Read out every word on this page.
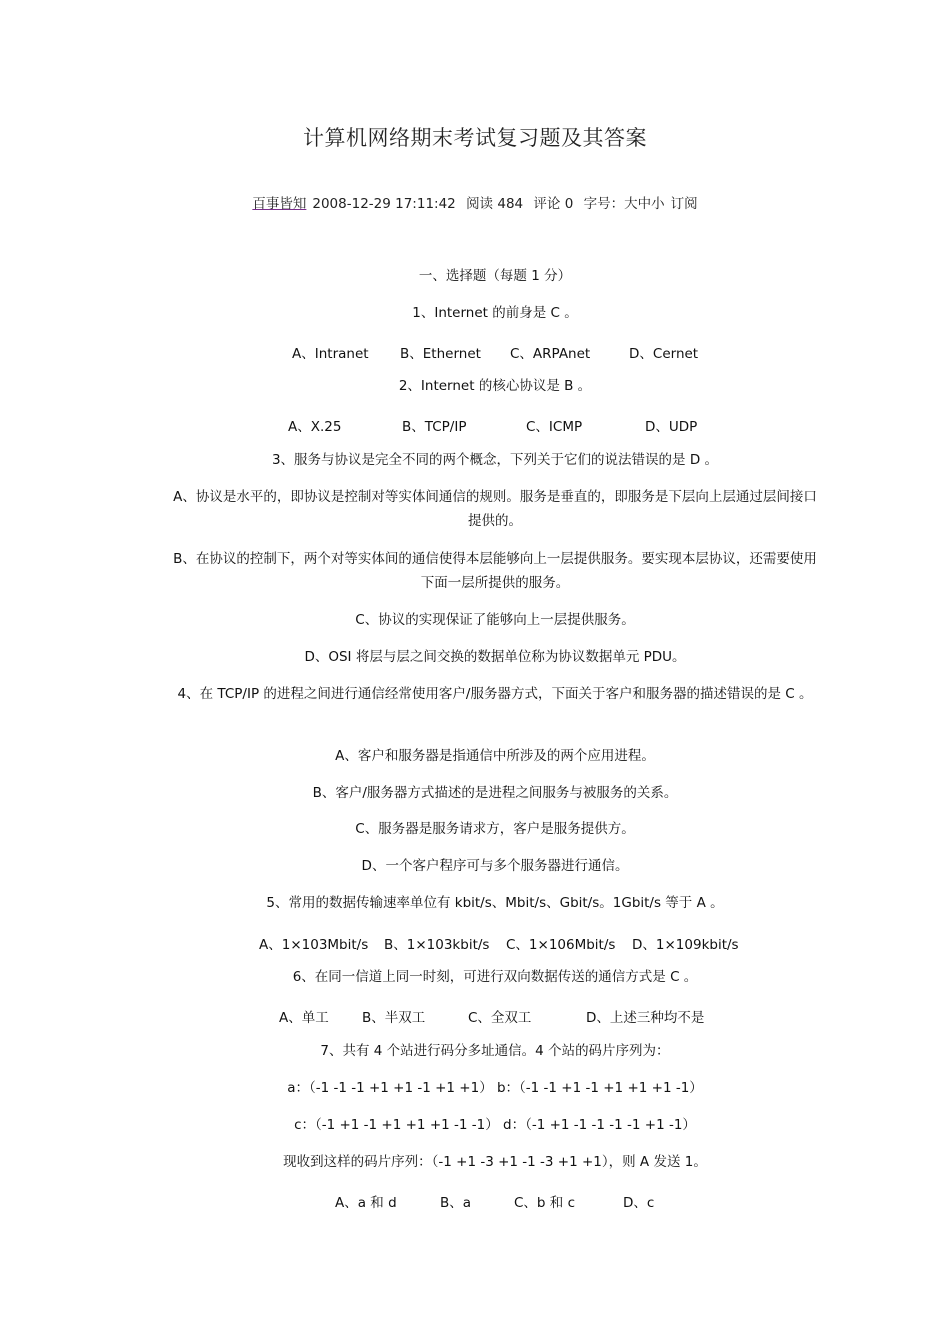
计算机网络期末考试复习题及其答案
百事皆知 2008-12-29 17:11:42 阅读 484 评论 0 字号：大中小 订阅
一、选择题（每题 1 分）
1、Internet 的前身是 C 。
A、Intranet B、Ethernet C、ARPAnet	D、Cernet
2、Internet 的核心协议是 B 。
A、X.25	B、TCP/IP	C、ICMP	D、UDP
3、服务与协议是完全不同的两个概念，下列关于它们的说法错误的是 D 。
A、协议是水平的，即协议是控制对等实体间通信的规则。服务是垂直的，即服务是下层向上层通过层间接口提供的。
B、在协议的控制下，两个对等实体间的通信使得本层能够向上一层提供服务。要实现本层协议，还需要使用下面一层所提供的服务。
C、协议的实现保证了能够向上一层提供服务。
D、OSI 将层与层之间交换的数据单位称为协议数据单元 PDU。
4、在 TCP/IP 的进程之间进行通信经常使用客户/服务器方式，下面关于客户和服务器的描述错误的是 C 。
A、客户和服务器是指通信中所涉及的两个应用进程。
B、客户/服务器方式描述的是进程之间服务与被服务的关系。
C、服务器是服务请求方，客户是服务提供方。
D、一个客户程序可与多个服务器进行通信。
5、常用的数据传输速率单位有 kbit/s、Mbit/s、Gbit/s。1Gbit/s 等于 A 。
A、1×103Mbit/s B、1×103kbit/s C、1×106Mbit/s D、1×109kbit/s
6、在同一信道上同一时刻，可进行双向数据传送的通信方式是 C 。
A、单工 B、半双工	C、全双工	D、上述三种均不是
7、共有 4 个站进行码分多址通信。4 个站的码片序列为：
a：（-1 -1 -1 +1 +1 -1 +1 +1） b：（-1 -1 +1 -1 +1 +1 +1 -1）
c：（-1 +1 -1 +1 +1 +1 -1 -1） d：（-1 +1 -1 -1 -1 -1 +1 -1）
现收到这样的码片序列：（-1 +1 -3 +1 -1 -3 +1 +1），则 A 发送 1。
A、a 和 d	B、a	C、b 和 c	D、c
